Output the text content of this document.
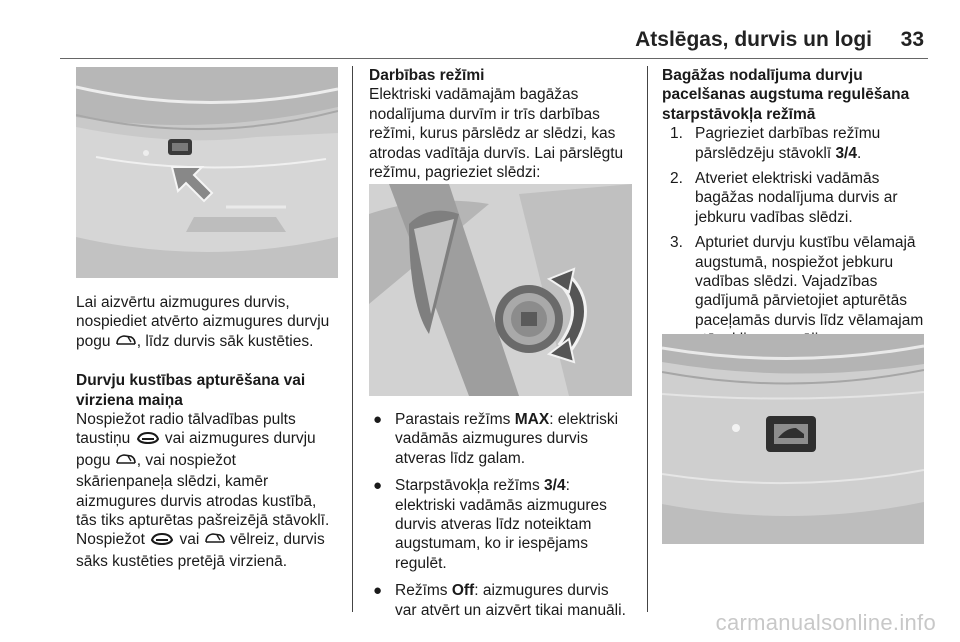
Atslēgas, durvis un logi 33

Lai aizvērtu aizmugures durvis,
nospiediet atvērto aizmugures durvju
pogu , līdz durvis sāk kustēties.

Durvju kustības apturēšana vai
virziena maiņa

Nospiežot radio tālvadības pults
taustiņu  vai aizmugures durvju
pogu , vai nospiežot
skārienpaneļa slēdzi, kamēr
aizmugures durvis atrodas kustībā,
tās tiks apturētas pašreizējā stāvoklī.
Nospiežot  vai  vēlreiz, durvis
sāks kustēties pretējā virzienā.

Darbības režīmi

Elektriski vadāmajām bagāžas
nodalījuma durvīm ir trīs darbības
režīmi, kurus pārslēdz ar slēdzi, kas
atrodas vadītāja durvīs. Lai pārslēgtu
režīmu, pagrieziet slēdzi:

● Parastais režīms MAX: elektriski
vadāmās aizmugures durvis
atveras līdz galam.
● Starpstāvokļa režīms 3/4:
elektriski vadāmās aizmugures
durvis atveras līdz noteiktam
augstumam, ko ir iespējams
regulēt.
● Režīms Off: aizmugures durvis
var atvērt un aizvērt tikai manuāli.

Bagāžas nodalījuma durvju
pacelšanas augstuma regulēšana
starpstāvokļa režīmā

1. Pagrieziet darbības režīmu
pārslēdzēju stāvoklī 3/4.
2. Atveriet elektriski vadāmās
bagāžas nodalījuma durvis ar
jebkuru vadības slēdzi.
3. Apturiet durvju kustību vēlamajā
augstumā, nospiežot jebkuru
vadības slēdzi. Vajadzības
gadījumā pārvietojiet apturētās
paceļamās durvis līdz vēlamajam

carmanualsonline.info
